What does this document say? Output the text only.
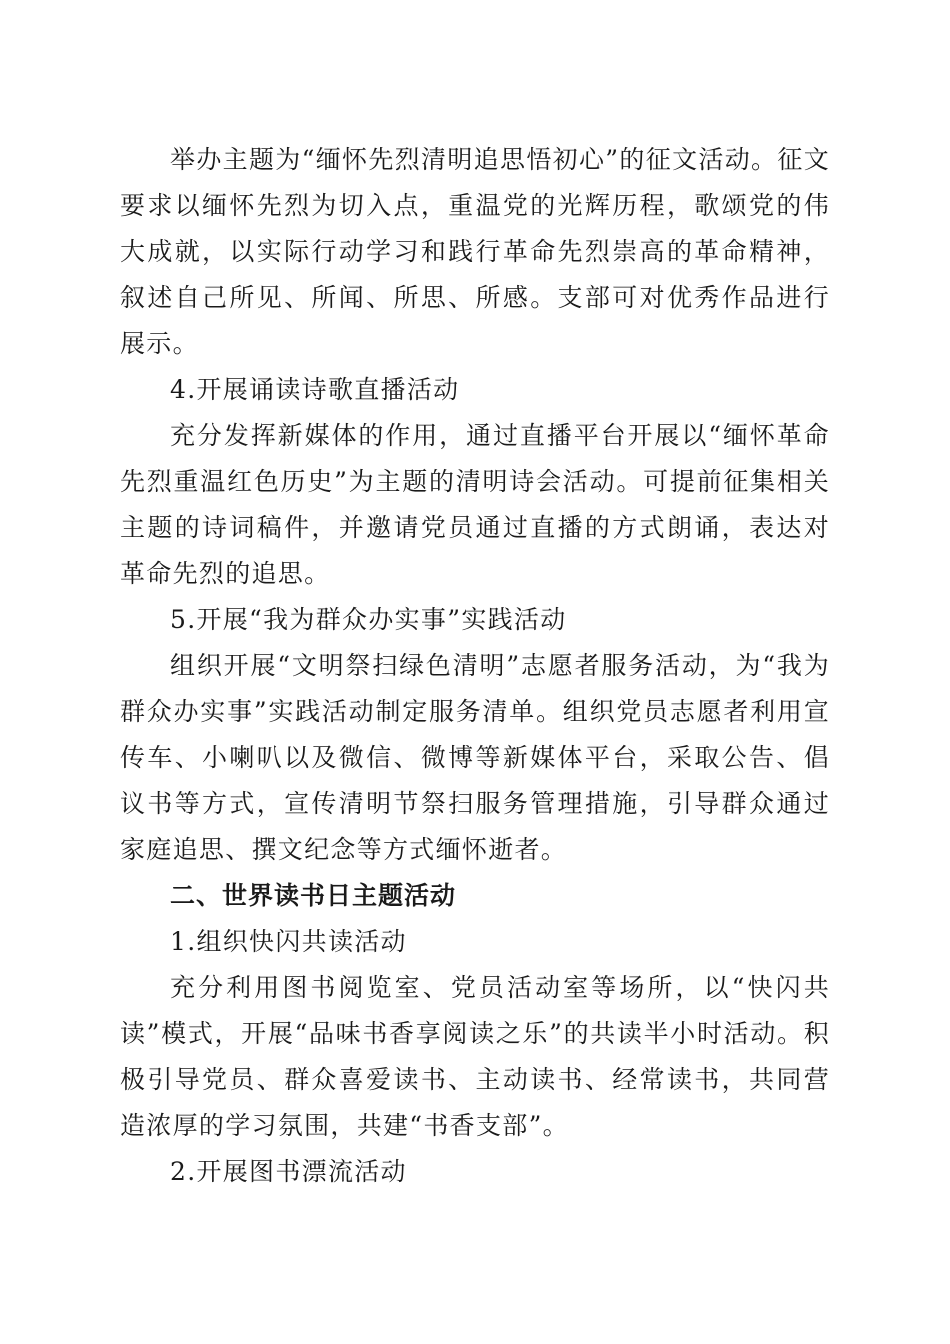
举办主题为“缅怀先烈清明追思悟初心”的征文活动。征文要求以缅怀先烈为切入点，重温党的光辉历程，歌颂党的伟大成就，以实际行动学习和践行革命先烈崇高的革命精神，叙述自己所见、所闻、所思、所感。支部可对优秀作品进行展示。

4.开展诵读诗歌直播活动

充分发挥新媒体的作用，通过直播平台开展以“缅怀革命先烈重温红色历史”为主题的清明诗会活动。可提前征集相关主题的诗词稿件，并邀请党员通过直播的方式朗诵，表达对革命先烈的追思。

5.开展“我为群众办实事”实践活动

组织开展“文明祭扫绿色清明”志愿者服务活动，为“我为群众办实事”实践活动制定服务清单。组织党员志愿者利用宣传车、小喇叭以及微信、微博等新媒体平台，采取公告、倡议书等方式，宣传清明节祭扫服务管理措施，引导群众通过家庭追思、撰文纪念等方式缅怀逝者。

二、世界读书日主题活动

1.组织快闪共读活动

充分利用图书阅览室、党员活动室等场所，以“快闪共读”模式，开展“品味书香享阅读之乐”的共读半小时活动。积极引导党员、群众喜爱读书、主动读书、经常读书，共同营造浓厚的学习氛围，共建“书香支部”。

2.开展图书漂流活动
